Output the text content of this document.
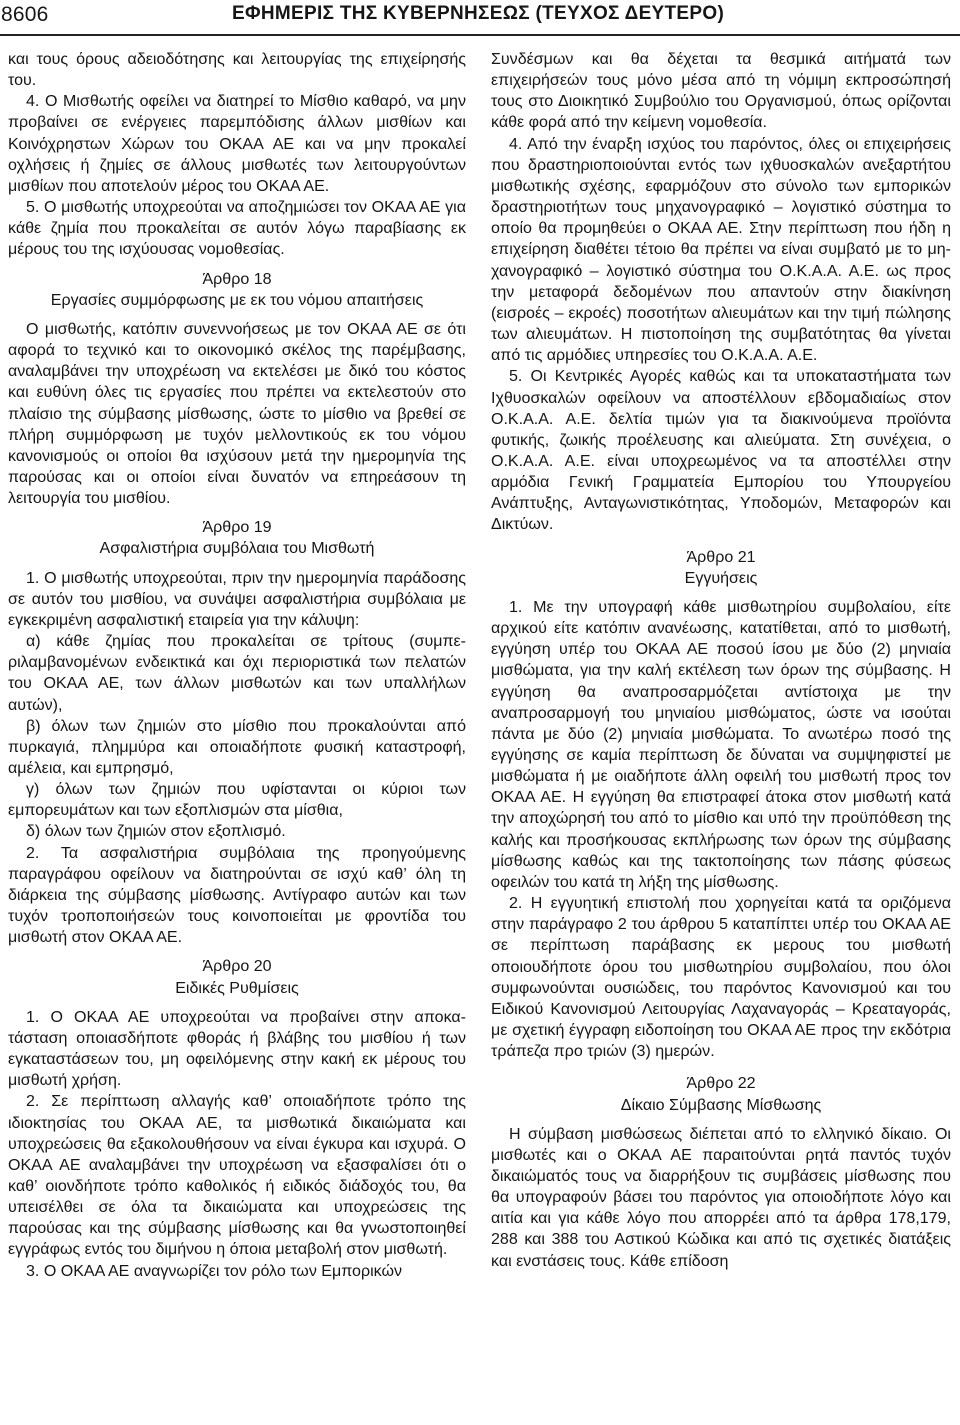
8606	ΕΦΗΜΕΡΙΣ ΤΗΣ ΚΥΒΕΡΝΗΣΕΩΣ (ΤΕΥΧΟΣ ΔΕΥΤΕΡΟ)

και τους όρους αδειοδότησης και λειτουργίας της επιχείρησής του.

4. Ο Μισθωτής οφείλει να διατηρεί το Μίσθιο καθαρό, να μην προβαίνει σε ενέργειες παρεμπόδισης άλλων μισθίων και Κοινόχρηστων Χώρων του ΟΚΑΑ ΑΕ και να μην προκαλεί οχλήσεις ή ζημίες σε άλλους μισθωτές των λειτουργούντων μισθίων που αποτελούν μέρος του ΟΚΑΑ ΑΕ.

5. Ο μισθωτής υποχρεούται να αποζημιώσει τον ΟΚΑΑ ΑΕ για κάθε ζημία που προκαλείται σε αυτόν λόγω παραβίασης εκ μέρους του της ισχύουσας νομοθεσίας.

Άρθρο 18

Εργασίες συμμόρφωσης με εκ του νόμου απαιτήσεις

Ο μισθωτής, κατόπιν συνεννοήσεως με τον ΟΚΑΑ ΑΕ σε ότι αφορά το τεχνικό και το οικονομικό σκέλος της παρέμβασης, αναλαμβάνει την υποχρέωση να εκτελέσει με δικό του κόστος και ευθύνη όλες τις εργασίες που πρέπει να εκτελεστούν στο πλαίσιο της σύμβασης μίσθωσης, ώστε το μίσθιο να βρεθεί σε πλήρη συμμόρφωση με τυχόν μελλοντικούς εκ του νόμου κανονισμούς οι οποίοι θα ισχύσουν μετά την ημερομηνία της παρούσας και οι οποίοι είναι δυνατόν να επηρεάσουν τη λειτουργία του μισθίου.

Άρθρο 19

Ασφαλιστήρια συμβόλαια του Μισθωτή

1. Ο μισθωτής υποχρεούται, πριν την ημερομηνία παράδοσης σε αυτόν του μισθίου, να συνάψει ασφαλιστήρια συμβόλαια με εγκεκριμένη ασφαλιστική εταιρεία για την κάλυψη:

α) κάθε ζημίας που προκαλείται σε τρίτους (συμπεριλαμβανομένων ενδεικτικά και όχι περιοριστικά των πελατών του ΟΚΑΑ ΑΕ, των άλλων μισθωτών και των υπαλλήλων αυτών),

β) όλων των ζημιών στο μίσθιο που προκαλούνται από πυρκαγιά, πλημμύρα και οποιαδήποτε φυσική καταστροφή, αμέλεια, και εμπρησμό,

γ) όλων των ζημιών που υφίστανται οι κύριοι των εμπορευμάτων και των εξοπλισμών στα μίσθια,

δ) όλων των ζημιών στον εξοπλισμό.

2. Τα ασφαλιστήρια συμβόλαια της προηγούμενης παραγράφου οφείλουν να διατηρούνται σε ισχύ καθ’ όλη τη διάρκεια της σύμβασης μίσθωσης. Αντίγραφο αυτών και των τυχόν τροποποιήσεών τους κοινοποιείται με φροντίδα του μισθωτή στον ΟΚΑΑ ΑΕ.

Άρθρο 20

Ειδικές Ρυθμίσεις

1. Ο ΟΚΑΑ ΑΕ υποχρεούται να προβαίνει στην αποκατάσταση οποιασδήποτε φθοράς ή βλάβης του μισθίου ή των εγκαταστάσεων του, μη οφειλόμενης στην κακή εκ μέρους του μισθωτή χρήση.

2. Σε περίπτωση αλλαγής καθ’ οποιαδήποτε τρόπο της ιδιοκτησίας του ΟΚΑΑ ΑΕ, τα μισθωτικά δικαιώματα και υποχρεώσεις θα εξακολουθήσουν να είναι έγκυρα και ισχυρά. Ο ΟΚΑΑ ΑΕ αναλαμβάνει την υποχρέωση να εξασφαλίσει ότι ο καθ’ οιονδήποτε τρόπο καθολικός ή ειδικός διάδοχός του, θα υπεισέλθει σε όλα τα δικαιώματα και υποχρεώσεις της παρούσας και της σύμβασης μίσθωσης και θα γνωστοποιηθεί εγγράφως εντός του διμήνου η όποια μεταβολή στον μισθωτή.

3. Ο ΟΚΑΑ ΑΕ αναγνωρίζει τον ρόλο των Εμπορικών

Συνδέσμων και θα δέχεται τα θεσμικά αιτήματά των επιχειρήσεών τους μόνο μέσα από τη νόμιμη εκπροσώπησή τους στο Διοικητικό Συμβούλιο του Οργανισμού, όπως ορίζονται κάθε φορά από την κείμενη νομοθεσία.

4. Από την έναρξη ισχύος του παρόντος, όλες οι επιχειρήσεις που δραστηριοποιούνται εντός των ιχθυοσκαλών ανεξαρτήτου μισθωτικής σχέσης, εφαρμόζουν στο σύνολο των εμπορικών δραστηριοτήτων τους μηχανογραφικό – λογιστικό σύστημα το οποίο θα προμηθεύει ο ΟΚΑΑ ΑΕ. Στην περίπτωση που ήδη η επιχείρηση διαθέτει τέτοιο θα πρέπει να είναι συμβατό με το μηχανογραφικό – λογιστικό σύστημα του Ο.Κ.Α.Α. Α.Ε. ως προς την μεταφορά δεδομένων που απαντούν στην διακίνηση (εισροές – εκροές) ποσοτήτων αλιευμάτων και την τιμή πώλησης των αλιευμάτων. Η πιστοποίηση της συμβατότητας θα γίνεται από τις αρμόδιες υπηρεσίες του Ο.Κ.Α.Α. Α.Ε.

5. Οι Κεντρικές Αγορές καθώς και τα υποκαταστήματα των Ιχθυοσκαλών οφείλουν να αποστέλλουν εβδομαδιαίως στον Ο.Κ.Α.Α. Α.Ε. δελτία τιμών για τα διακινούμενα προϊόντα φυτικής, ζωικής προέλευσης και αλιεύματα. Στη συνέχεια, ο Ο.Κ.Α.Α. Α.Ε. είναι υποχρεωμένος να τα αποστέλλει στην αρμόδια Γενική Γραμματεία Εμπορίου του Υπουργείου Ανάπτυξης, Ανταγωνιστικότητας, Υποδομών, Μεταφορών και Δικτύων.

Άρθρο 21

Εγγυήσεις

1. Με την υπογραφή κάθε μισθωτηρίου συμβολαίου, είτε αρχικού είτε κατόπιν ανανέωσης, κατατίθεται, από το μισθωτή, εγγύηση υπέρ του ΟΚΑΑ ΑΕ ποσού ίσου με δύο (2) μηνιαία μισθώματα, για την καλή εκτέλεση των όρων της σύμβασης. Η εγγύηση θα αναπροσαρμόζεται αντίστοιχα με την αναπροσαρμογή του μηνιαίου μισθώματος, ώστε να ισούται πάντα με δύο (2) μηνιαία μισθώματα. Το ανωτέρω ποσό της εγγύησης σε καμία περίπτωση δε δύναται να συμψηφιστεί με μισθώματα ή με οιαδήποτε άλλη οφειλή του μισθωτή προς τον ΟΚΑΑ ΑΕ. Η εγγύηση θα επιστραφεί άτοκα στον μισθωτή κατά την αποχώρησή του από το μίσθιο και υπό την προϋπόθεση της καλής και προσήκουσας εκπλήρωσης των όρων της σύμβασης μίσθωσης καθώς και της τακτοποίησης των πάσης φύσεως οφειλών του κατά τη λήξη της μίσθωσης.

2. Η εγγυητική επιστολή που χορηγείται κατά τα οριζόμενα στην παράγραφο 2 του άρθρου 5 καταπίπτει υπέρ του ΟΚΑΑ ΑΕ σε περίπτωση παράβασης εκ μερους του μισθωτή οποιουδήποτε όρου του μισθωτηρίου συμβολαίου, που όλοι συμφωνούνται ουσιώδεις, του παρόντος Κανονισμού και του Ειδικού Κανονισμού Λειτουργίας Λαχαναγοράς – Κρεαταγοράς, με σχετική έγγραφη ειδοποίηση του ΟΚΑΑ ΑΕ προς την εκδότρια τράπεζα προ τριών (3) ημερών.

Άρθρο 22

Δίκαιο Σύμβασης Μίσθωσης

Η σύμβαση μισθώσεως διέπεται από το ελληνικό δίκαιο. Οι μισθωτές και ο ΟΚΑΑ ΑΕ παραιτούνται ρητά παντός τυχόν δικαιώματός τους να διαρρήξουν τις συμβάσεις μίσθωσης που θα υπογραφούν βάσει του παρόντος για οποιοδήποτε λόγο και αιτία και για κάθε λόγο που απορρέει από τα άρθρα 178,179, 288 και 388 του Αστικού Κώδικα και από τις σχετικές διατάξεις και ενστάσεις τους. Κάθε επίδοση
